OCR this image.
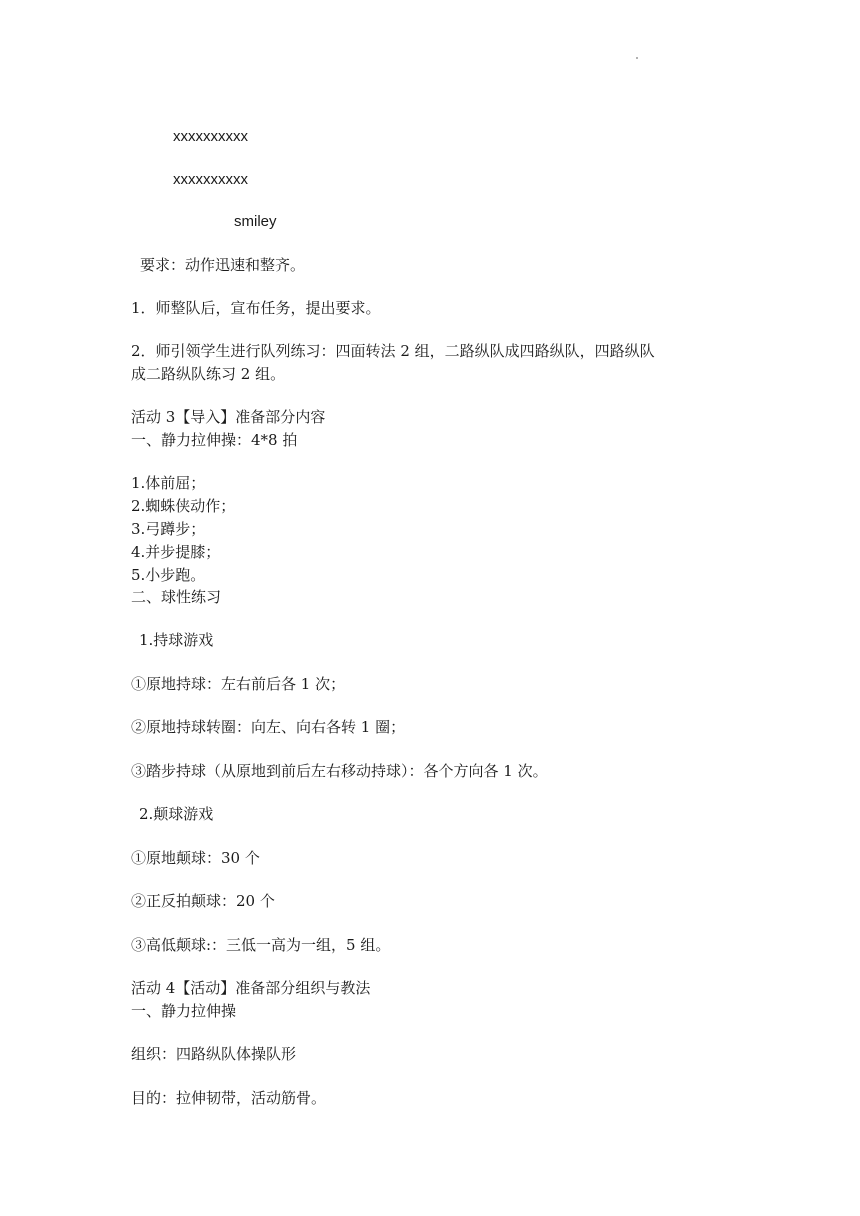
xxxxxxxxxx
xxxxxxxxxx
smiley
要求：动作迅速和整齐。
1．师整队后，宣布任务，提出要求。
2．师引领学生进行队列练习：四面转法 2 组，二路纵队成四路纵队，四路纵队
成二路纵队练习 2 组。
活动 3【导入】准备部分内容
一、静力拉伸操：4*8 拍
1.体前屈；
2.蜘蛛侠动作；
3.弓蹲步；
4.并步提膝；
5.小步跑。
二、球性练习
1.持球游戏
①原地持球：左右前后各 1 次；
②原地持球转圈：向左、向右各转 1 圈；
③踏步持球（从原地到前后左右移动持球）：各个方向各 1 次。
2.颠球游戏
①原地颠球：30 个
②正反拍颠球：20 个
③高低颠球:：三低一高为一组，5 组。
活动 4【活动】准备部分组织与教法
一、静力拉伸操
组织：四路纵队体操队形
目的：拉伸韧带，活动筋骨。
